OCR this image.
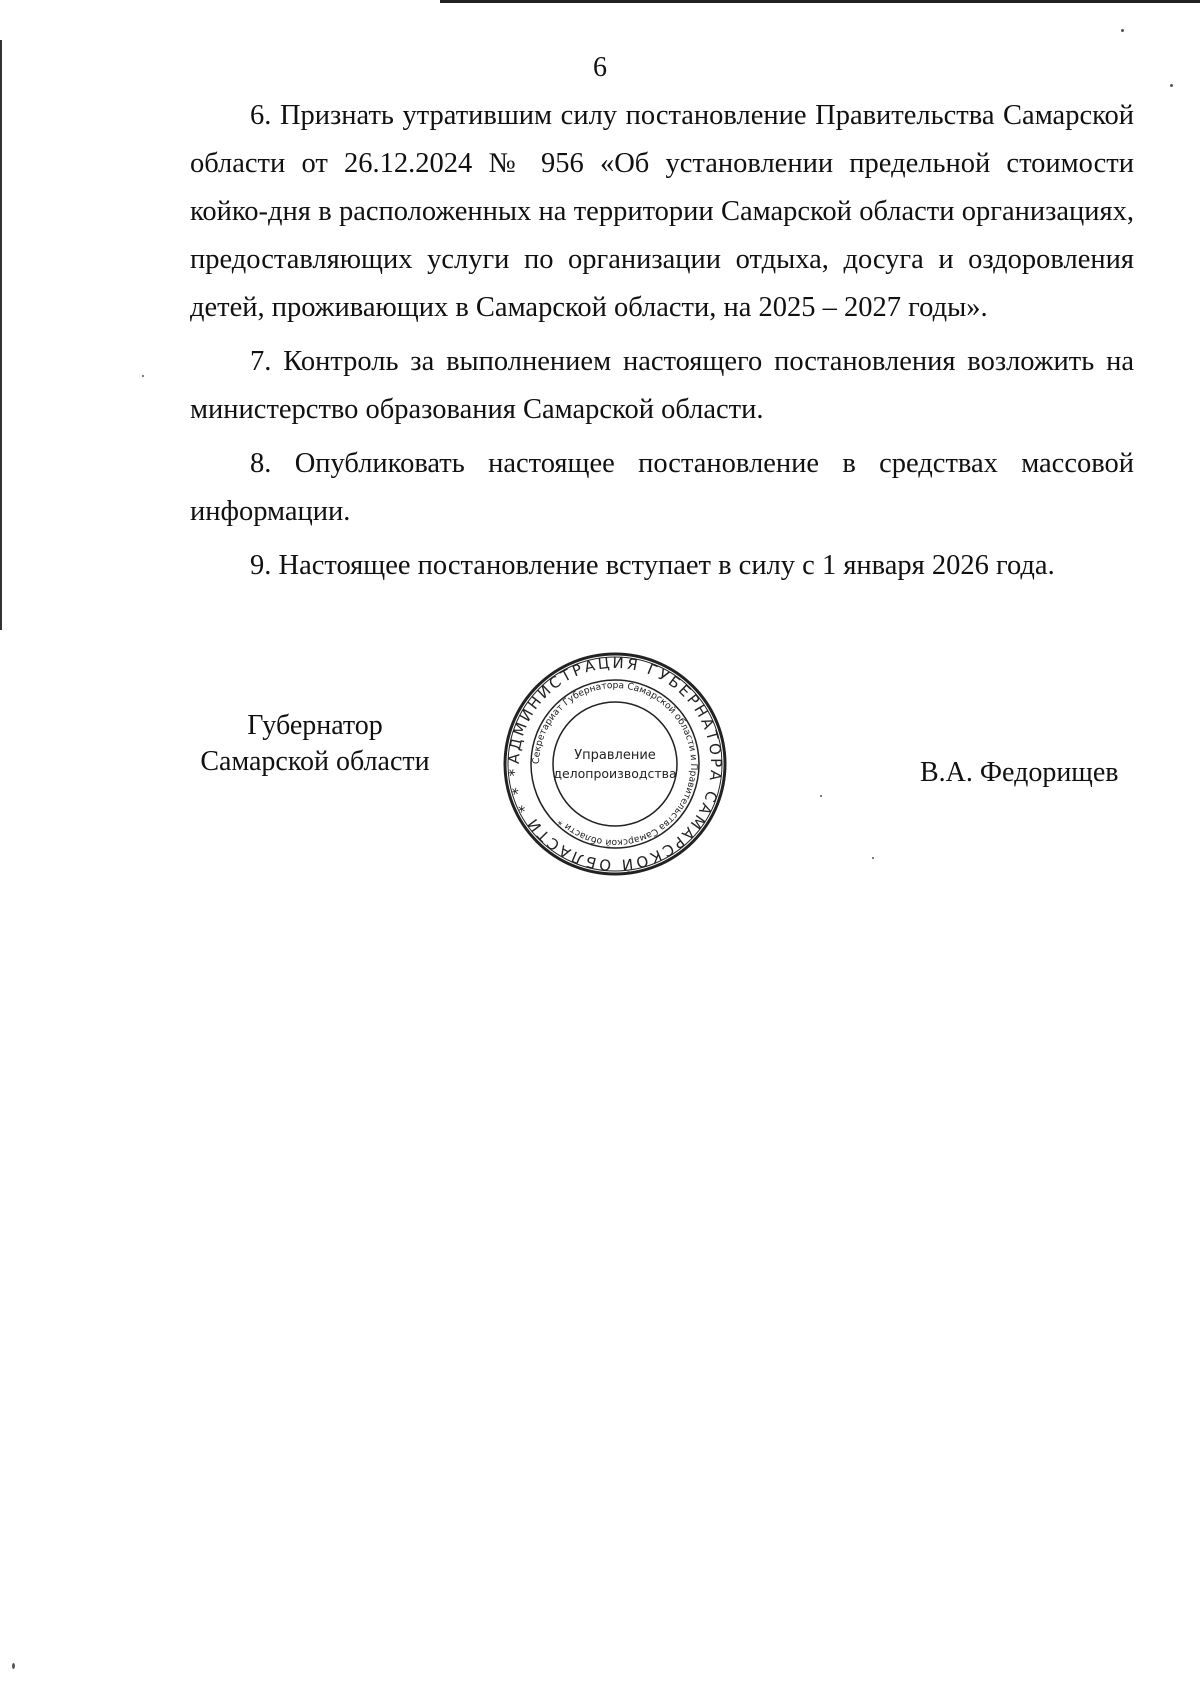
6

6. Признать утратившим силу постановление Правительства Самарской области от 26.12.2024 № 956 «Об установлении предельной стоимости койко-дня в расположенных на территории Самарской области организациях, предоставляющих услуги по организации отдыха, досуга и оздоровления детей, проживающих в Самарской области, на 2025 – 2027 годы».

7. Контроль за выполнением настоящего постановления возложить на министерство образования Самарской области.

8. Опубликовать настоящее постановление в средствах массовой информации.

9. Настоящее постановление вступает в силу с 1 января 2026 года.

Губернатор
Самарской области	АДМИНИСТРАЦИЯ ГУБЕРНАТОРА САМАРСКОЙ ОБЛАСТИ * * *
Секретариат Губернатора Самарской области и Правительства Самарской области *
Управление
делопроизводства	В.А. Федорищев
